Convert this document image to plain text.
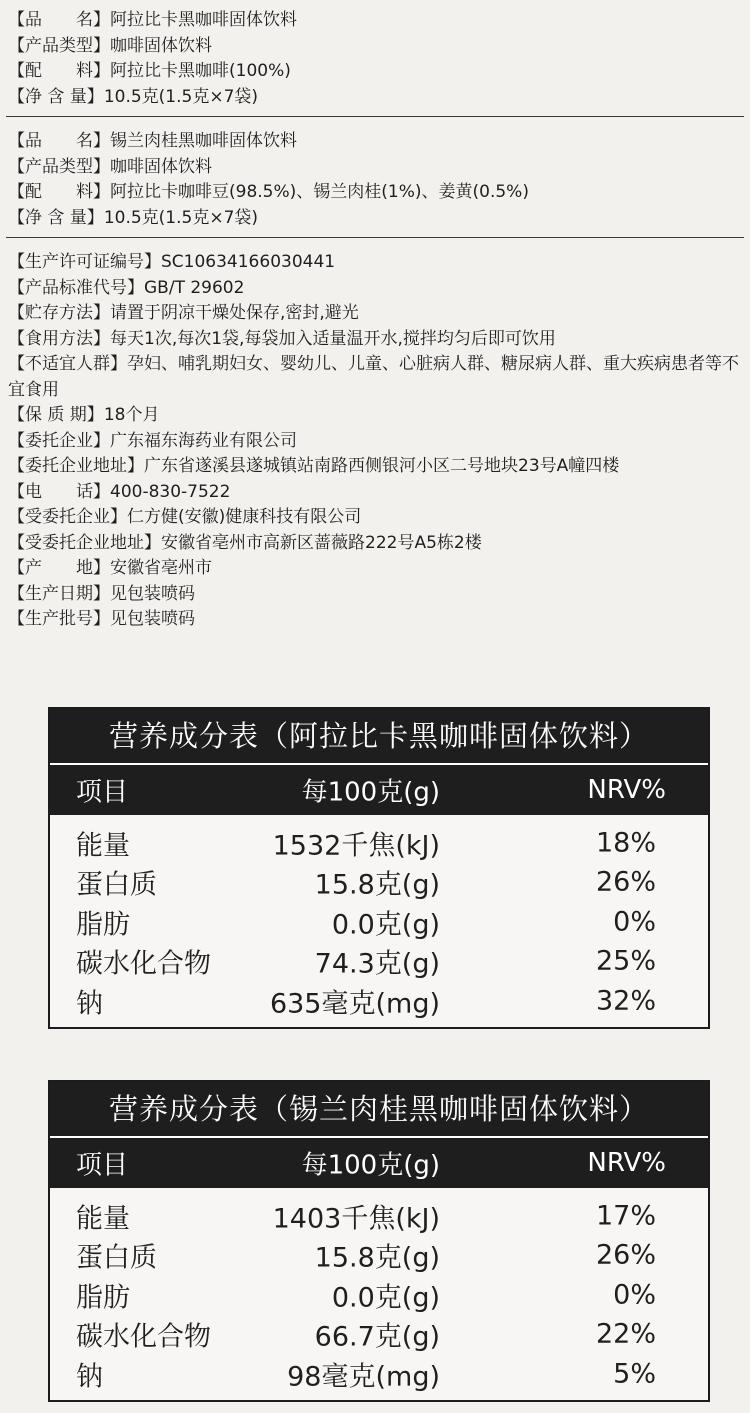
【品　　名】阿拉比卡黑咖啡固体饮料
【产品类型】咖啡固体饮料
【配　　料】阿拉比卡黑咖啡(100%)
【净 含 量】10.5克(1.5克×7袋)
【品　　名】锡兰肉桂黑咖啡固体饮料
【产品类型】咖啡固体饮料
【配　　料】阿拉比卡咖啡豆(98.5%)、锡兰肉桂(1%)、姜黄(0.5%)
【净 含 量】10.5克(1.5克×7袋)
【生产许可证编号】SC10634166030441
【产品标准代号】GB/T 29602
【贮存方法】请置于阴凉干燥处保存,密封,避光
【食用方法】每天1次,每次1袋,每袋加入适量温开水,搅拌均匀后即可饮用
【不适宜人群】孕妇、哺乳期妇女、婴幼儿、儿童、心脏病人群、糖尿病人群、重大疾病患者等不宜食用
【保 质 期】18个月
【委托企业】广东福东海药业有限公司
【委托企业地址】广东省遂溪县遂城镇站南路西侧银河小区二号地块23号A幢四楼
【电　　话】400-830-7522
【受委托企业】仁方健(安徽)健康科技有限公司
【受委托企业地址】安徽省亳州市高新区蔷薇路222号A5栋2楼
【产　　地】安徽省亳州市
【生产日期】见包装喷码
【生产批号】见包装喷码
营养成分表（阿拉比卡黑咖啡固体饮料）
项目	每100克(g)	NRV%
能量	1532千焦(kJ)	18%
蛋白质	15.8克(g)	26%
脂肪	0.0克(g)	0%
碳水化合物	74.3克(g)	25%
钠	635毫克(mg)	32%
营养成分表（锡兰肉桂黑咖啡固体饮料）
项目	每100克(g)	NRV%
能量	1403千焦(kJ)	17%
蛋白质	15.8克(g)	26%
脂肪	0.0克(g)	0%
碳水化合物	66.7克(g)	22%
钠	98毫克(mg)	5%
